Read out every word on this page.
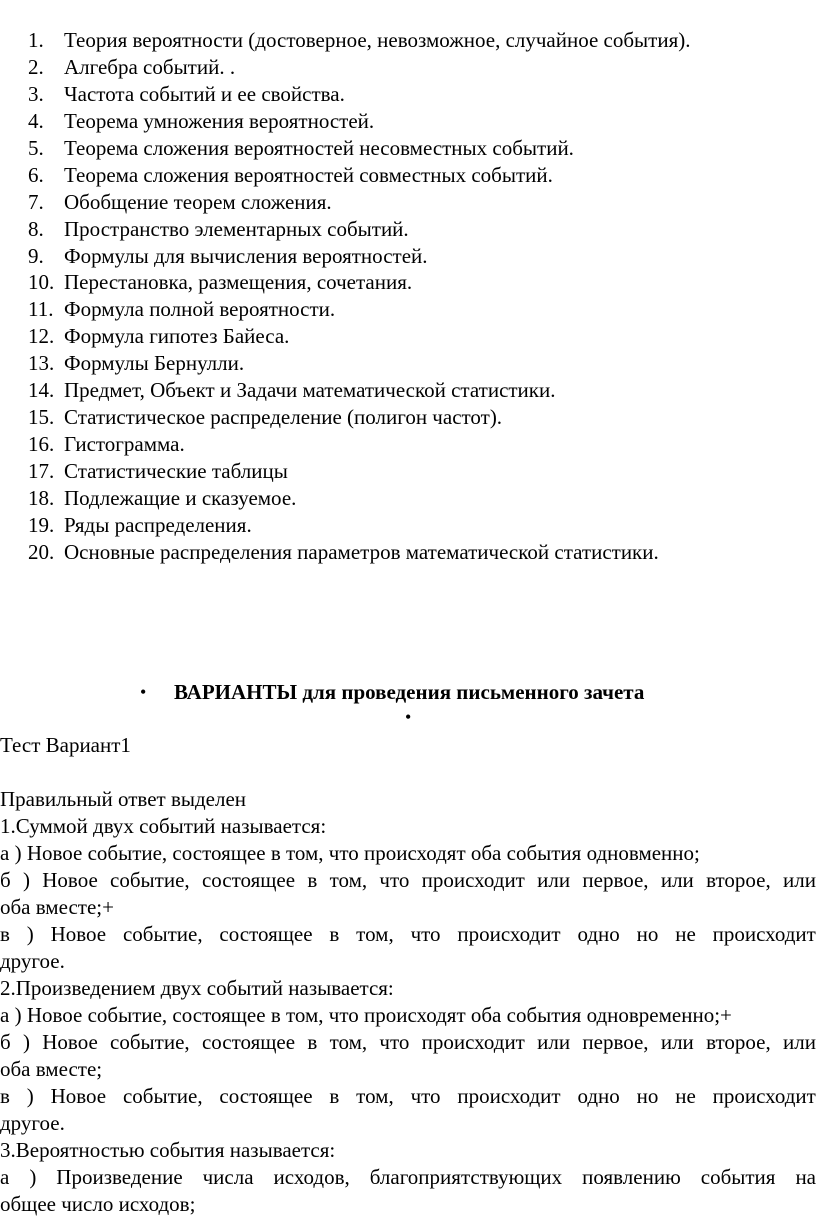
1. Теория вероятности (достоверное, невозможное, случайное события).
2. Алгебра событий. .
3. Частота событий и ее свойства.
4. Теорема умножения вероятностей.
5. Теорема сложения вероятностей несовместных событий.
6. Теорема сложения вероятностей совместных событий.
7. Обобщение теорем сложения.
8. Пространство элементарных событий.
9. Формулы для вычисления вероятностей.
10. Перестановка, размещения, сочетания.
11. Формула полной вероятности.
12. Формула гипотез Байеса.
13. Формулы Бернулли.
14. Предмет, Объект и Задачи математической статистики.
15. Статистическое распределение (полигон частот).
16. Гистограмма.
17. Статистические таблицы
18. Подлежащие и сказуемое.
19. Ряды распределения.
20. Основные распределения параметров математической статистики.
• ВАРИАНТЫ для проведения письменного зачета
•
Тест Вариант1
Правильный ответ выделен
1.Суммой двух событий называется:
а ) Новое событие, состоящее в том, что происходят оба события одновменно;
б ) Новое событие, состоящее в том, что происходит или первое, или второе, или
оба вместе;+
в ) Новое событие, состоящее в том, что происходит одно но не происходит
другое.
2.Произведением двух событий называется:
а ) Новое событие, состоящее в том, что происходят оба события одновременно;+
б ) Новое событие, состоящее в том, что происходит или первое, или второе, или
оба вместе;
в ) Новое событие, состоящее в том, что происходит одно но не происходит
другое.
3.Вероятностью события называется:
а ) Произведение числа исходов, благоприятствующих появлению события на
общее число исходов;
